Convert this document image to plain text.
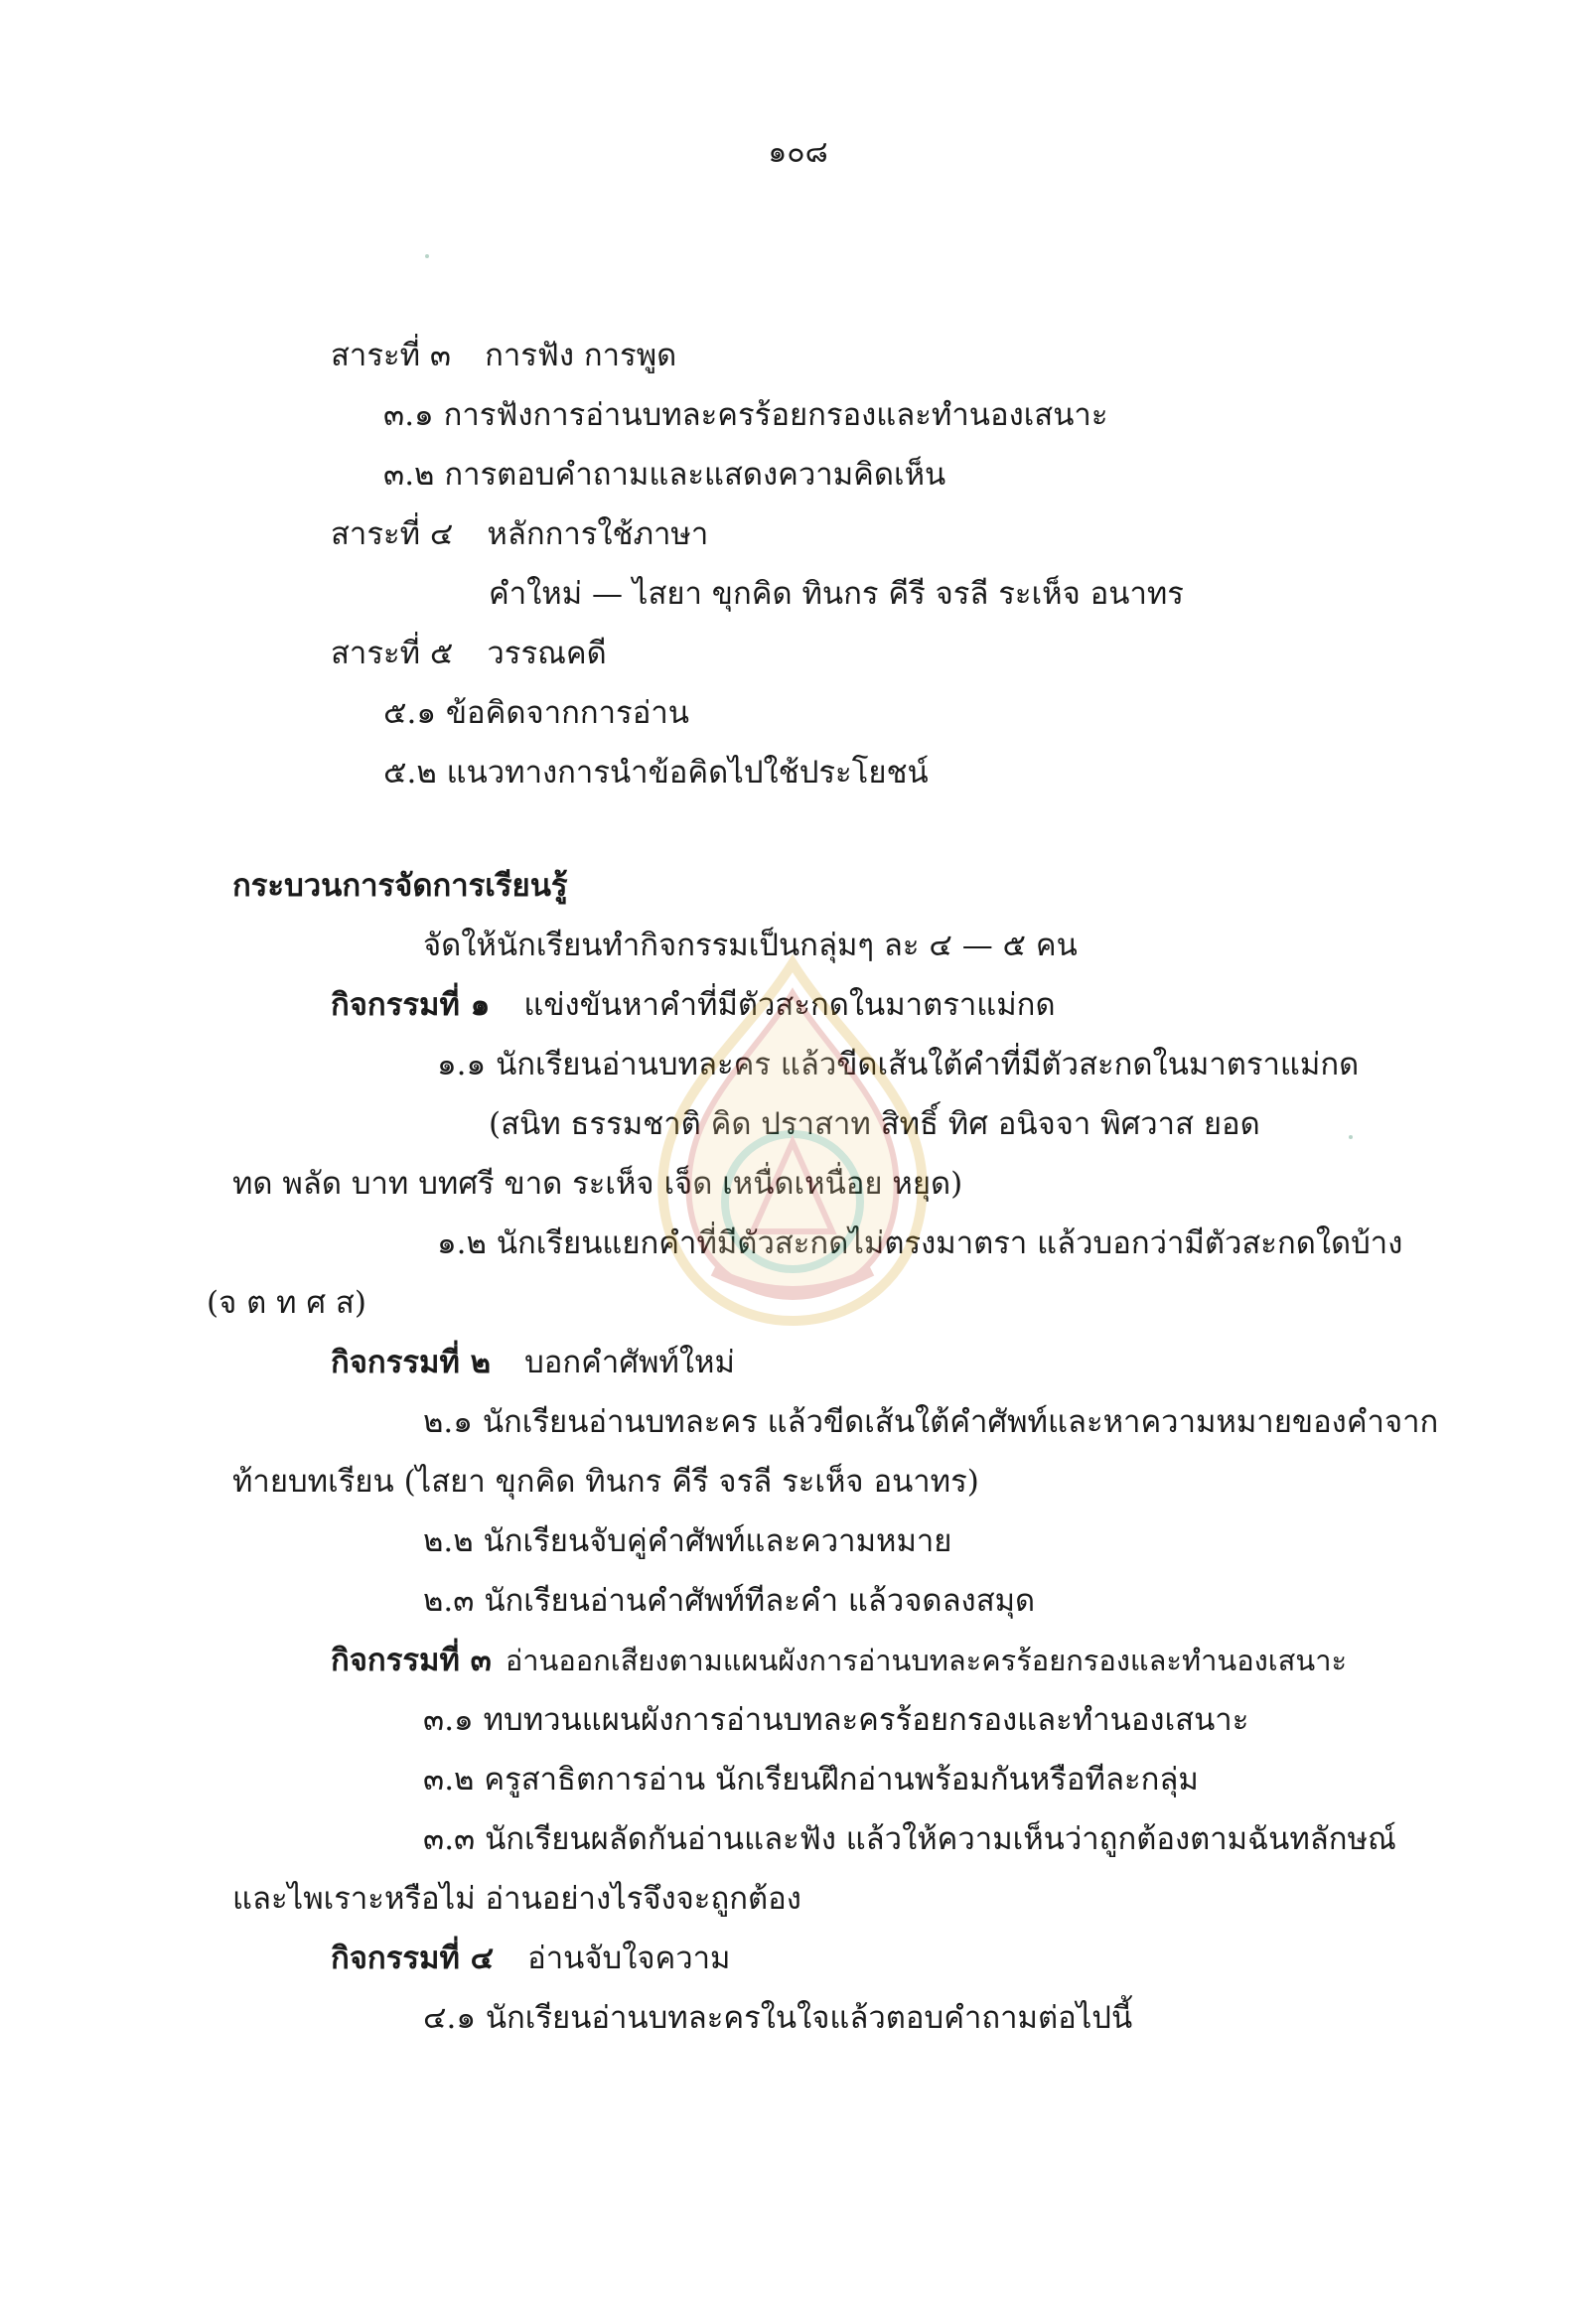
๑๐๘
สาระที่ ๓ การฟัง การพูด
๓.๑ การฟังการอ่านบทละครร้อยกรองและทำนองเสนาะ
๓.๒ การตอบคำถามและแสดงความคิดเห็น
สาระที่ ๔ หลักการใช้ภาษา
คำใหม่ — ไสยา ขุกคิด ทินกร คีรี จรลี ระเห็จ อนาทร
สาระที่ ๕ วรรณคดี
๕.๑ ข้อคิดจากการอ่าน
๕.๒ แนวทางการนำข้อคิดไปใช้ประโยชน์
กระบวนการจัดการเรียนรู้
จัดให้นักเรียนทำกิจกรรมเป็นกลุ่มๆ ละ ๔ — ๕ คน
กิจกรรมที่ ๑ แข่งขันหาคำที่มีตัวสะกดในมาตราแม่กด
๑.๑ นักเรียนอ่านบทละคร แล้วขีดเส้นใต้คำที่มีตัวสะกดในมาตราแม่กด
(สนิท ธรรมชาติ คิด ปราสาท สิทธิ์ ทิศ อนิจจา พิศวาส ยอด
ทด พลัด บาท บทศรี ขาด ระเห็จ เจ็ด เหนื่ดเหนื่อย หยุด)
๑.๒ นักเรียนแยกคำที่มีตัวสะกดไม่ตรงมาตรา แล้วบอกว่ามีตัวสะกดใดบ้าง
(จ ต ท ศ ส)
กิจกรรมที่ ๒ บอกคำศัพท์ใหม่
๒.๑ นักเรียนอ่านบทละคร แล้วขีดเส้นใต้คำศัพท์และหาความหมายของคำจาก
ท้ายบทเรียน (ไสยา ขุกคิด ทินกร คีรี จรลี ระเห็จ อนาทร)
๒.๒ นักเรียนจับคู่คำศัพท์และความหมาย
๒.๓ นักเรียนอ่านคำศัพท์ทีละคำ แล้วจดลงสมุด
กิจกรรมที่ ๓ อ่านออกเสียงตามแผนผังการอ่านบทละครร้อยกรองและทำนองเสนาะ
๓.๑ ทบทวนแผนผังการอ่านบทละครร้อยกรองและทำนองเสนาะ
๓.๒ ครูสาธิตการอ่าน นักเรียนฝึกอ่านพร้อมกันหรือทีละกลุ่ม
๓.๓ นักเรียนผลัดกันอ่านและฟัง แล้วให้ความเห็นว่าถูกต้องตามฉันทลักษณ์
และไพเราะหรือไม่ อ่านอย่างไรจึงจะถูกต้อง
กิจกรรมที่ ๔ อ่านจับใจความ
๔.๑ นักเรียนอ่านบทละครในใจแล้วตอบคำถามต่อไปนี้
